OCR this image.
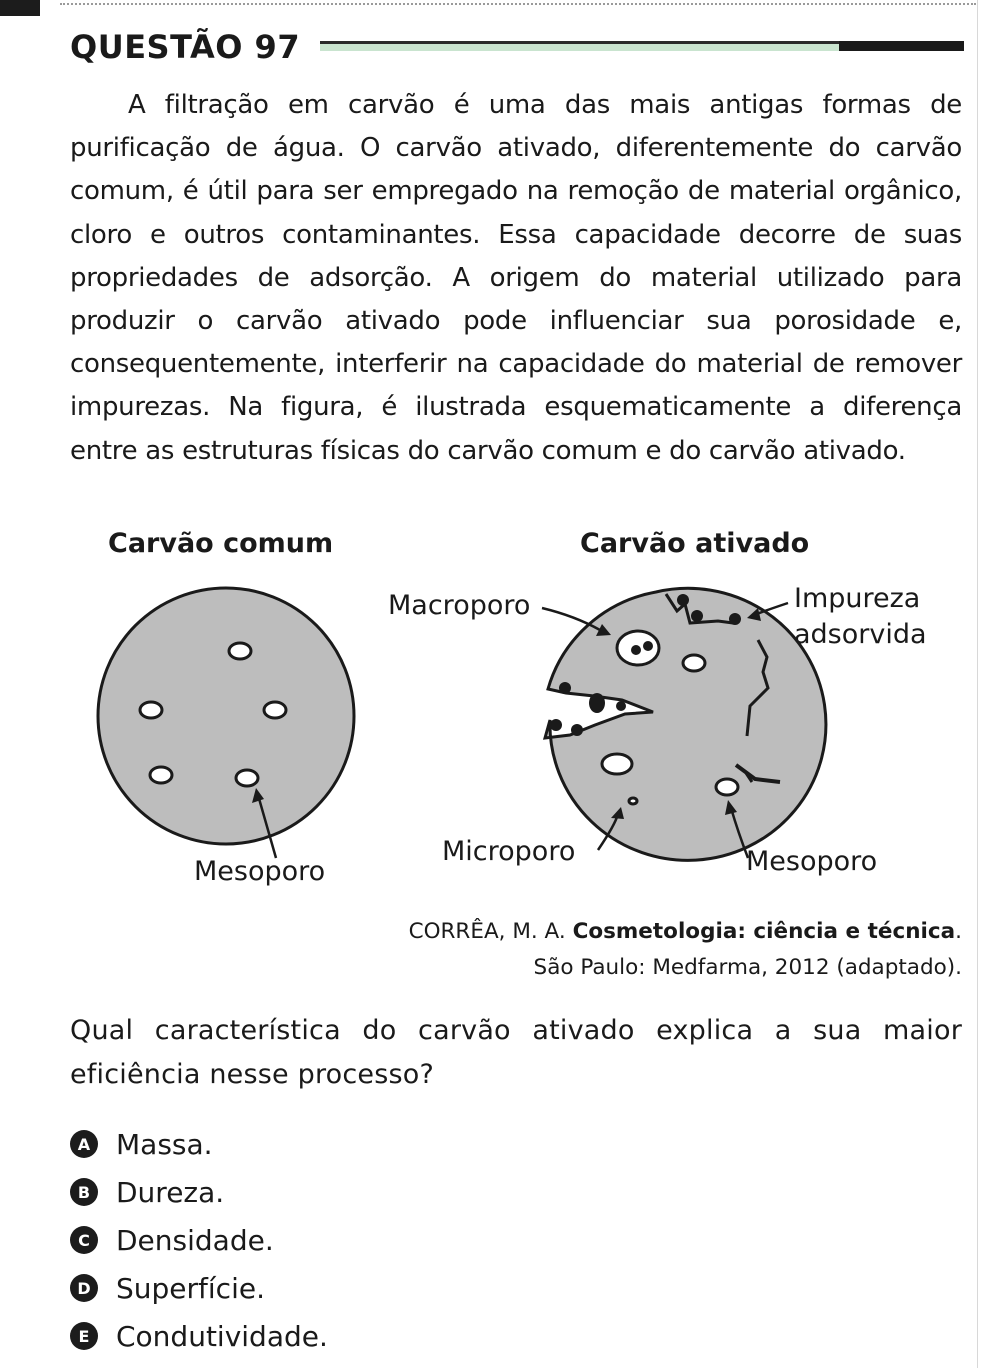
QUESTÃO 97

A filtração em carvão é uma das mais antigas formas de purificação de água. O carvão ativado, diferentemente do carvão comum, é útil para ser empregado na remoção de material orgânico, cloro e outros contaminantes. Essa capacidade decorre de suas propriedades de adsorção. A origem do material utilizado para produzir o carvão ativado pode influenciar sua porosidade e, consequentemente, interferir na capacidade do material de remover impurezas. Na figura, é ilustrada esquematicamente a diferença entre as estruturas físicas do carvão comum e do carvão ativado.

Carvão comum	Carvão ativado
Mesoporo
Macroporo	Impureza
adsorvida
Microporo	Mesoporo
CORRÊA, M. A. Cosmetologia: ciência e técnica.
São Paulo: Medfarma, 2012 (adaptado).

Qual característica do carvão ativado explica a sua maior eficiência nesse processo?

A Massa.
B Dureza.
C Densidade.
D Superfície.
E Condutividade.
